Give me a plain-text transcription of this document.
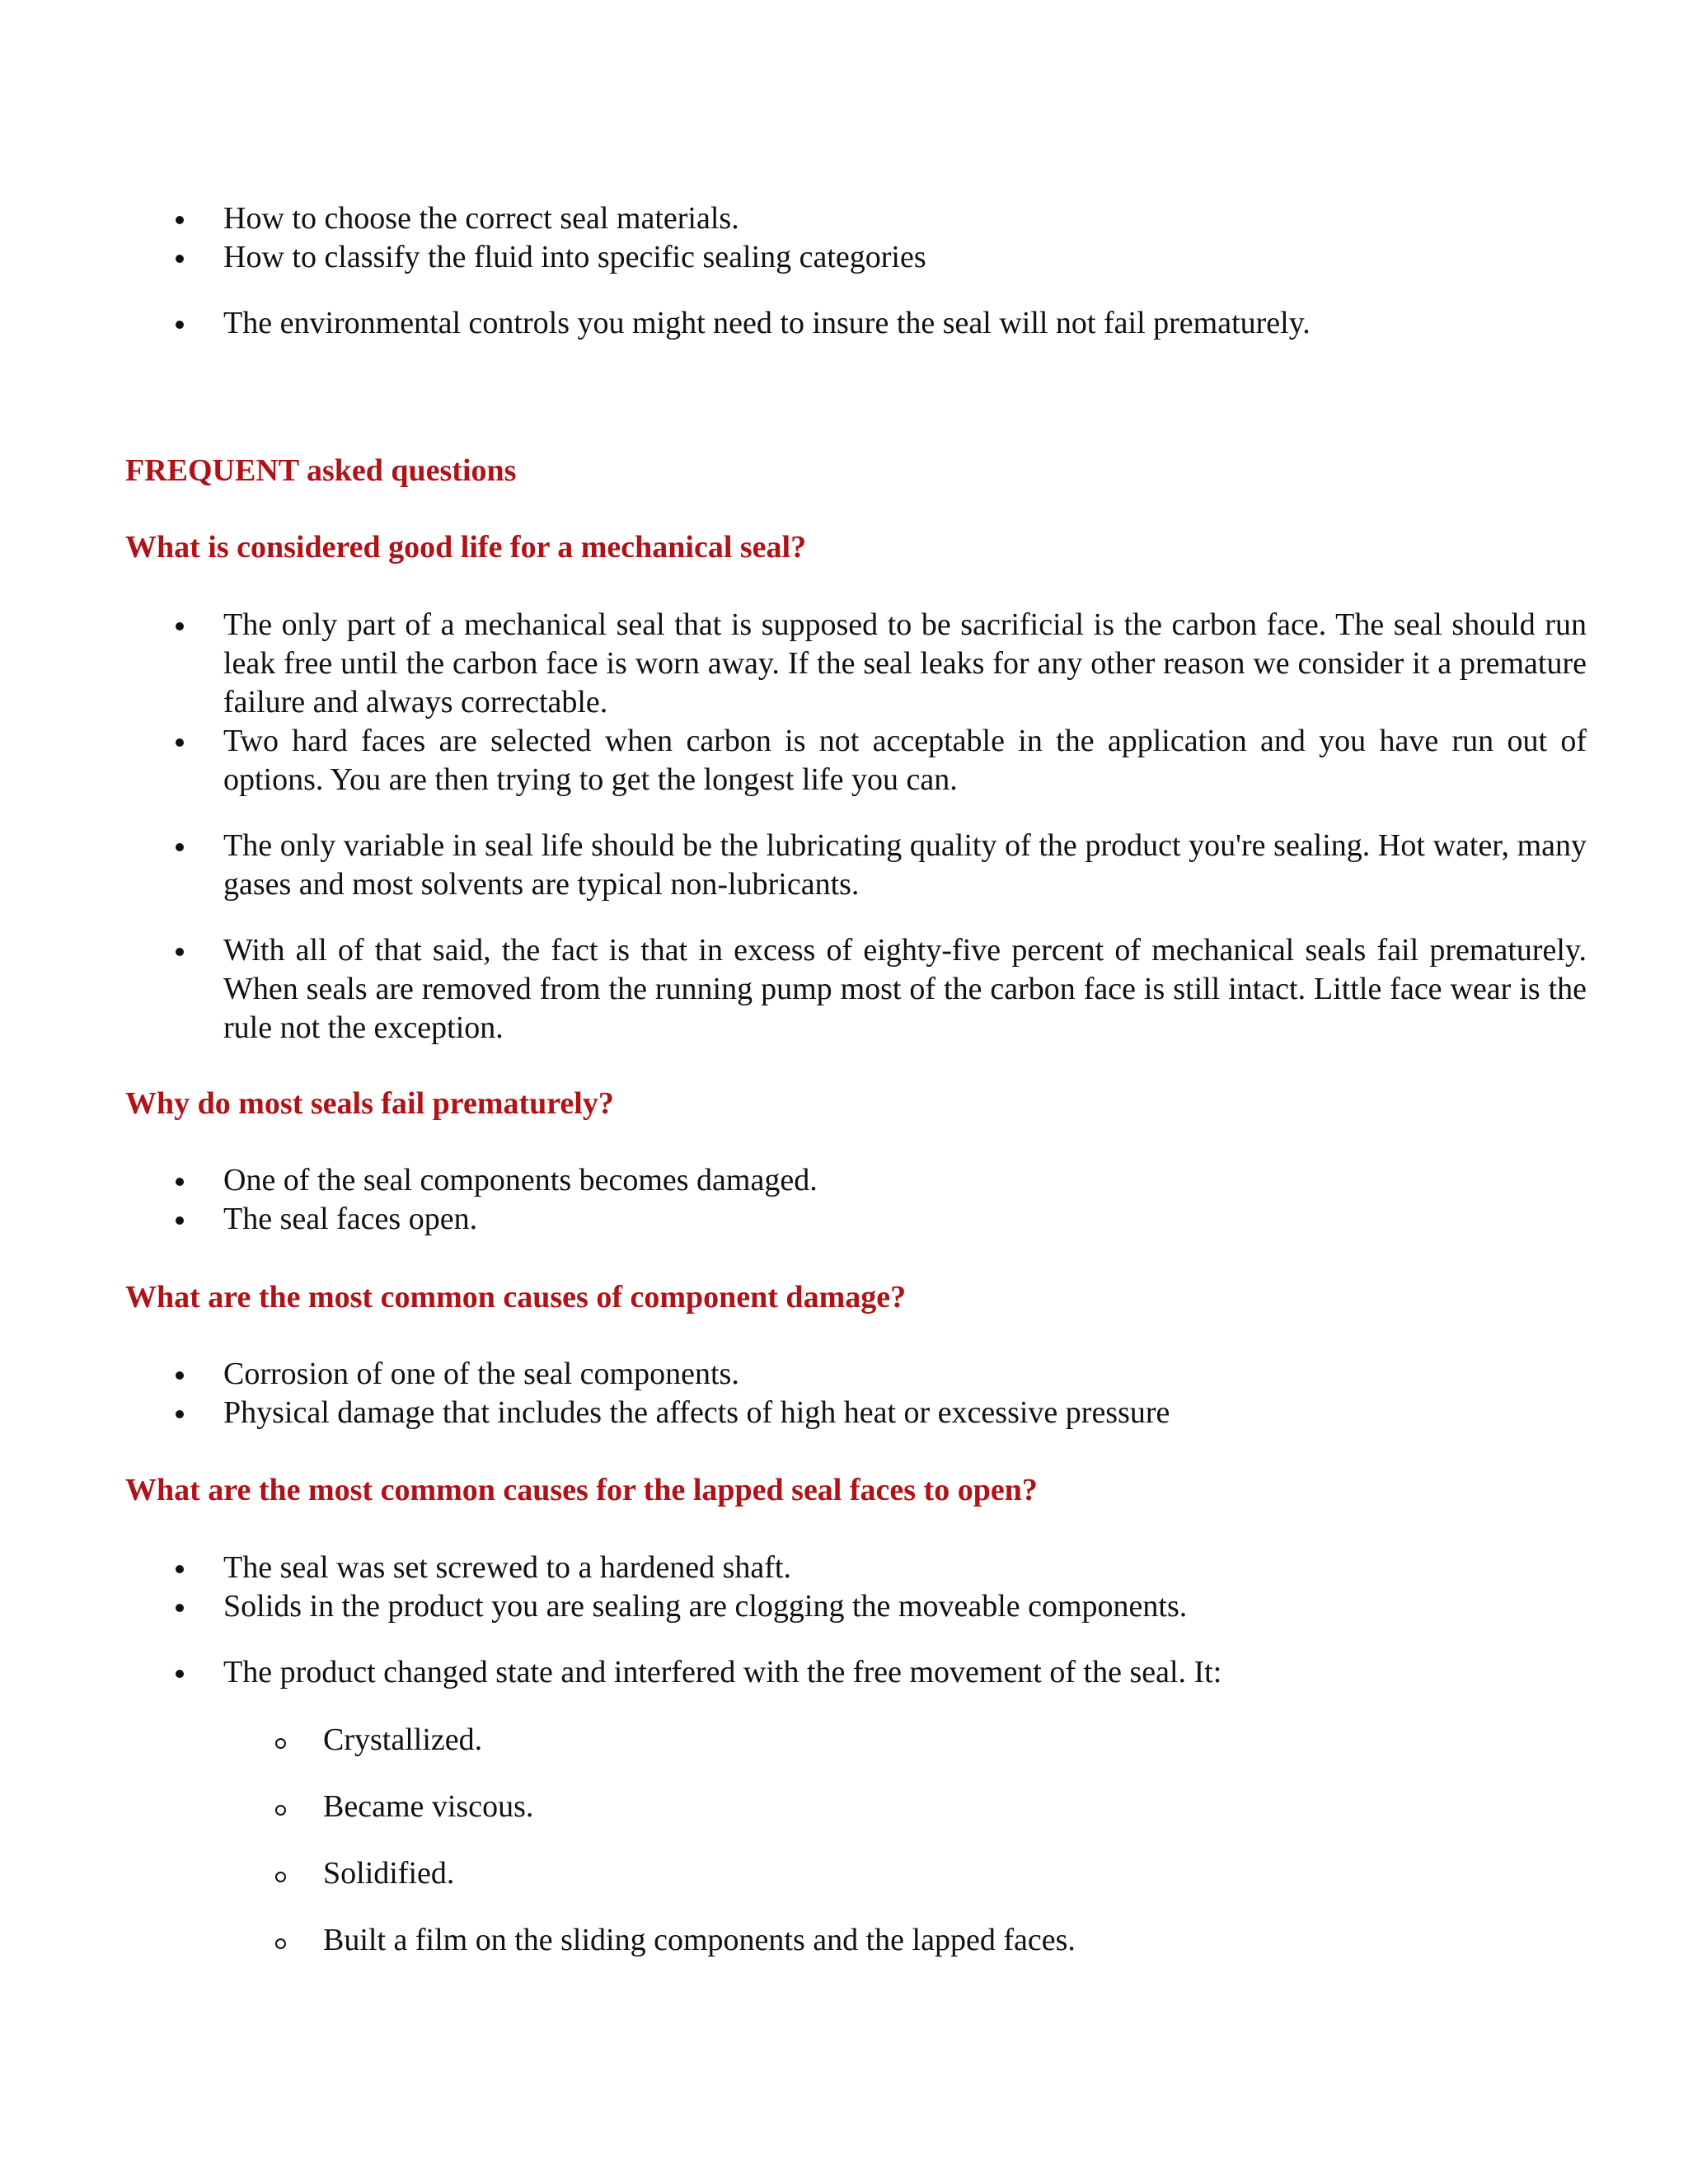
How to choose the correct seal materials.
How to classify the fluid into specific sealing categories
The environmental controls you might need to insure the seal will not fail prematurely.
FREQUENT asked questions
What is considered good life for a mechanical seal?
The only part of a mechanical seal that is supposed to be sacrificial is the carbon face. The seal should run leak free until the carbon face is worn away. If the seal leaks for any other reason we consider it a premature failure and always correctable.
Two hard faces are selected when carbon is not acceptable in the application and you have run out of options. You are then trying to get the longest life you can.
The only variable in seal life should be the lubricating quality of the product you're sealing. Hot water, many gases and most solvents are typical non-lubricants.
With all of that said, the fact is that in excess of eighty-five percent of mechanical seals fail prematurely. When seals are removed from the running pump most of the carbon face is still intact. Little face wear is the rule not the exception.
Why do most seals fail prematurely?
One of the seal components becomes damaged.
The seal faces open.
What are the most common causes of component damage?
Corrosion of one of the seal components.
Physical damage that includes the affects of high heat or excessive pressure
What are the most common causes for the lapped seal faces to open?
The seal was set screwed to a hardened shaft.
Solids in the product you are sealing are clogging the moveable components.
The product changed state and interfered with the free movement of the seal. It:
Crystallized.
Became viscous.
Solidified.
Built a film on the sliding components and the lapped faces.
